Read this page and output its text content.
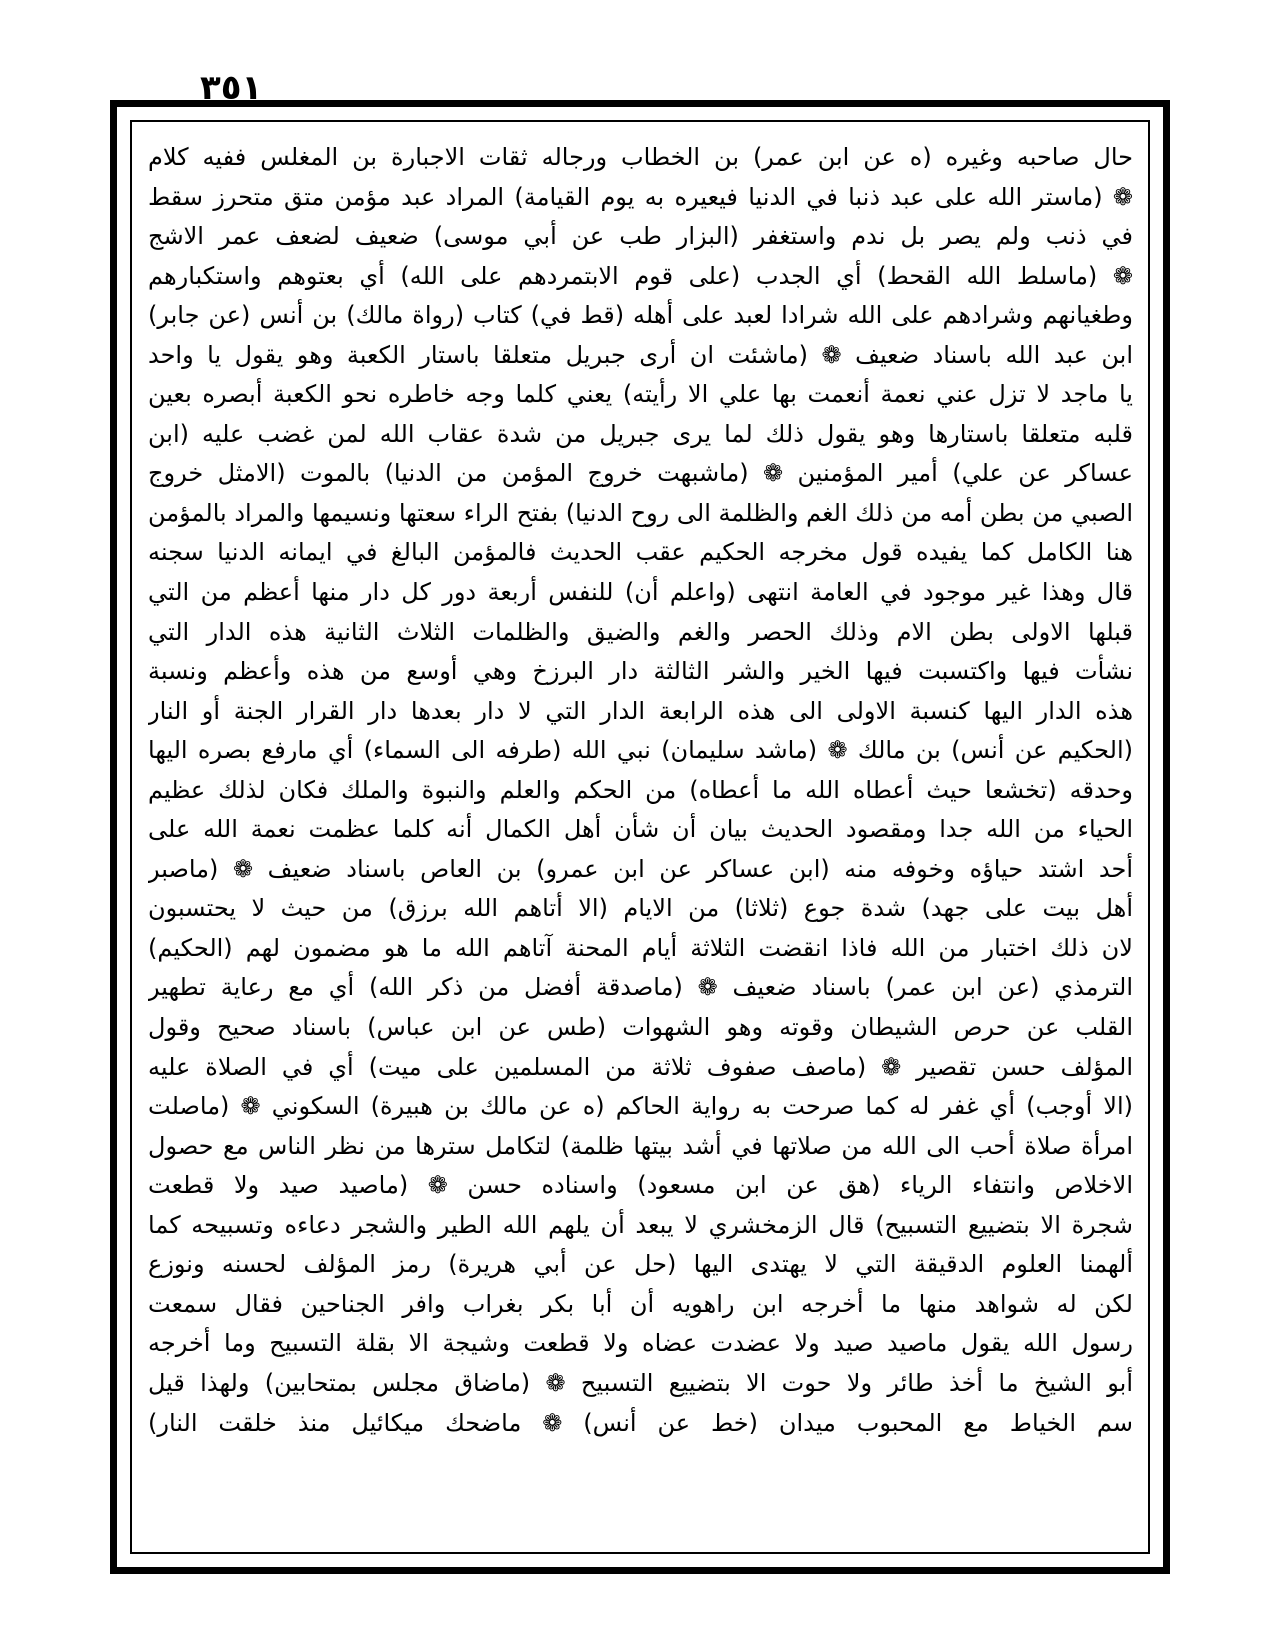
٣٥١
حال صاحبه وغيره (ه عن ابن عمر) بن الخطاب ورجاله ثقات الاجبارة بن المغلس ففيه كلام
❁ (ماستر الله على عبد ذنبا في الدنيا فيعيره به يوم القيامة) المراد عبد مؤمن متق متحرز سقط
في ذنب ولم يصر بل ندم واستغفر (البزار طب عن أبي موسى) ضعيف لضعف عمر الاشج
❁ (ماسلط الله القحط) أي الجدب (على قوم الابتمردهم على الله) أي بعتوهم واستكبارهم
وطغيانهم وشرادهم على الله شرادا لعبد على أهله (قط في) كتاب (رواة مالك) بن أنس (عن جابر)
ابن عبد الله باسناد ضعيف ❁ (ماشئت ان أرى جبريل متعلقا باستار الكعبة وهو يقول يا واحد
يا ماجد لا تزل عني نعمة أنعمت بها علي الا رأيته) يعني كلما وجه خاطره نحو الكعبة أبصره بعين
قلبه متعلقا باستارها وهو يقول ذلك لما يرى جبريل من شدة عقاب الله لمن غضب عليه (ابن
عساكر عن علي) أمير المؤمنين ❁ (ماشبهت خروج المؤمن من الدنيا) بالموت (الامثل خروج
الصبي من بطن أمه من ذلك الغم والظلمة الى روح الدنيا) بفتح الراء سعتها ونسيمها والمراد بالمؤمن
هنا الكامل كما يفيده قول مخرجه الحكيم عقب الحديث فالمؤمن البالغ في ايمانه الدنيا سجنه
قال وهذا غير موجود في العامة انتهى (واعلم أن) للنفس أربعة دور كل دار منها أعظم من التي
قبلها الاولى بطن الام وذلك الحصر والغم والضيق والظلمات الثلاث الثانية هذه الدار التي
نشأت فيها واكتسبت فيها الخير والشر الثالثة دار البرزخ وهي أوسع من هذه وأعظم ونسبة
هذه الدار اليها كنسبة الاولى الى هذه الرابعة الدار التي لا دار بعدها دار القرار الجنة أو النار
(الحكيم عن أنس) بن مالك ❁ (ماشد سليمان) نبي الله (طرفه الى السماء) أي مارفع بصره اليها
وحدقه (تخشعا حيث أعطاه الله ما أعطاه) من الحكم والعلم والنبوة والملك فكان لذلك عظيم
الحياء من الله جدا ومقصود الحديث بيان أن شأن أهل الكمال أنه كلما عظمت نعمة الله على
أحد اشتد حياؤه وخوفه منه (ابن عساكر عن ابن عمرو) بن العاص باسناد ضعيف ❁ (ماصبر
أهل بيت على جهد) شدة جوع (ثلاثا) من الايام (الا أتاهم الله برزق) من حيث لا يحتسبون
لان ذلك اختبار من الله فاذا انقضت الثلاثة أيام المحنة آتاهم الله ما هو مضمون لهم (الحكيم)
الترمذي (عن ابن عمر) باسناد ضعيف ❁ (ماصدقة أفضل من ذكر الله) أي مع رعاية تطهير
القلب عن حرص الشيطان وقوته وهو الشهوات (طس عن ابن عباس) باسناد صحيح وقول
المؤلف حسن تقصير ❁ (ماصف صفوف ثلاثة من المسلمين على ميت) أي في الصلاة عليه
(الا أوجب) أي غفر له كما صرحت به رواية الحاكم (ه عن مالك بن هبيرة) السكوني ❁ (ماصلت
امرأة صلاة أحب الى الله من صلاتها في أشد بيتها ظلمة) لتكامل سترها من نظر الناس مع حصول
الاخلاص وانتفاء الرياء (هق عن ابن مسعود) واسناده حسن ❁ (ماصيد صيد ولا قطعت
شجرة الا بتضييع التسبيح) قال الزمخشري لا يبعد أن يلهم الله الطير والشجر دعاءه وتسبيحه كما
ألهمنا العلوم الدقيقة التي لا يهتدى اليها (حل عن أبي هريرة) رمز المؤلف لحسنه ونوزع
لكن له شواهد منها ما أخرجه ابن راهويه أن أبا بكر بغراب وافر الجناحين فقال سمعت
رسول الله يقول ماصيد صيد ولا عضدت عضاه ولا قطعت وشيجة الا بقلة التسبيح وما أخرجه
أبو الشيخ ما أخذ طائر ولا حوت الا بتضييع التسبيح ❁ (ماضاق مجلس بمتحابين) ولهذا قيل
سم الخياط مع المحبوب ميدان (خط عن أنس) ❁ ماضحك ميكائيل منذ خلقت النار)
